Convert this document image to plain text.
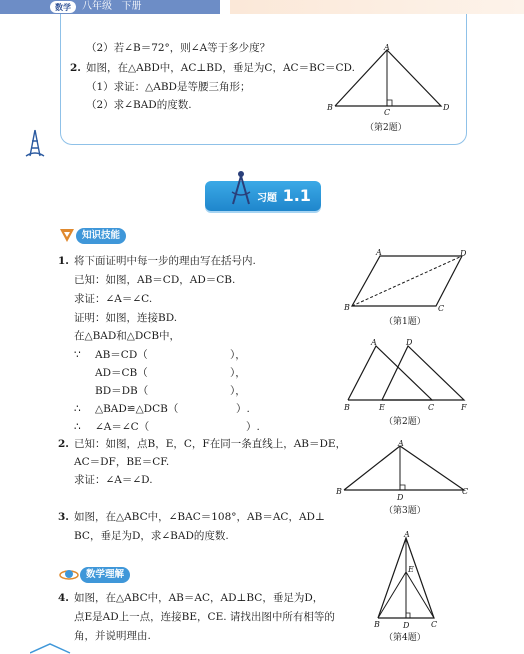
数学	八年级 下册
（2）若∠B＝72°，则∠A等于多少度？
2. 如图，在△ABD中，AC⊥BD，垂足为C，AC＝BC＝CD.
（1）求证：△ABD是等腰三角形；
（2）求∠BAD的度数.
A
B
C
D
（第2题）
习题 1.1
知识技能
1. 将下面证明中每一步的理由写在括号内.
已知：如图，AB＝CD，AD＝CB.
求证：∠A＝∠C.
证明：如图，连接BD.
在△BAD和△DCB中，
∵ AB＝CD（	），
AD＝CB（	），
BD＝DB（	），
∴ △BAD≌△DCB（	）.
∴ ∠A＝∠C（	）.
A
B	C
D
（第1题）
A	D
B	E	C	F
（第2题）
2. 已知：如图，点B，E，C，F在同一条直线上，AB＝DE，
AC＝DF，BE＝CF.
求证：∠A＝∠D.
A
B	C
D
（第3题）
3. 如图，在△ABC中，∠BAC＝108°，AB＝AC，AD⊥
BC，垂足为D，求∠BAD的度数.
数学理解
4. 如图，在△ABC中，AB＝AC，AD⊥BC，垂足为D，
点E是AD上一点，连接BE，CE. 请找出图中所有相等的
角，并说明理由.
A
E
B	D	C
（第4题）
